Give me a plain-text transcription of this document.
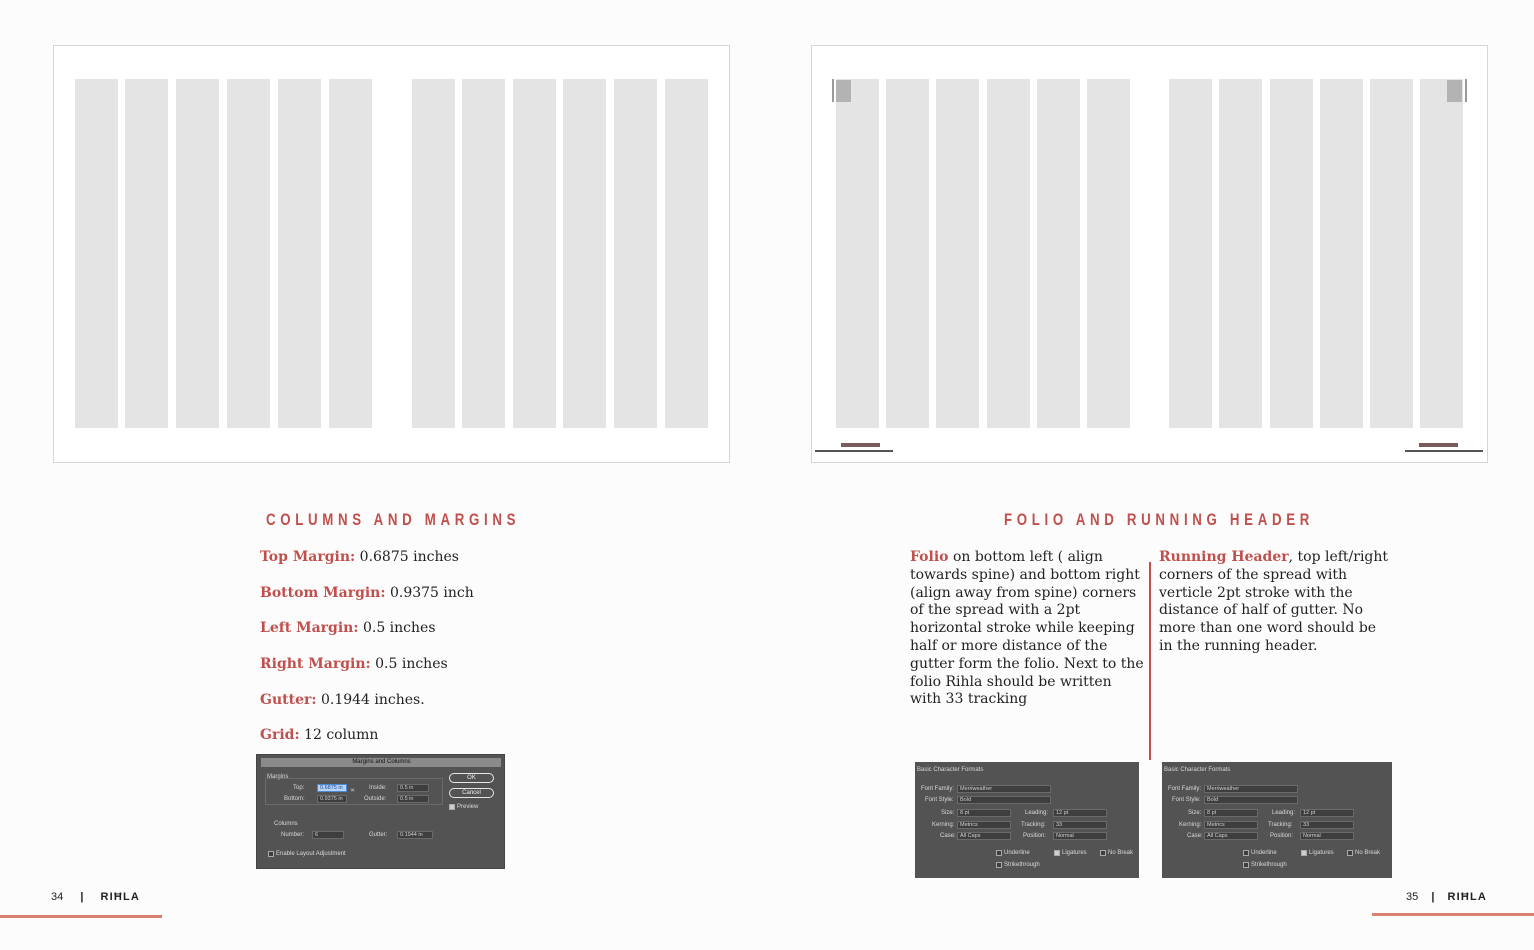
COLUMNS AND MARGINS
Top Margin: 0.6875 inches
Bottom Margin: 0.9375 inch
Left Margin: 0.5 inches
Right Margin: 0.5 inches
Gutter: 0.1944 inches.
Grid: 12 column
Margins and Columns
Margins
Top:	0.6875 in	∝
Bottom:	0.9375 in
Inside:	0.5 in
Outside:	0.5 in
OK
Cancel
Preview
Columns
Number:	6	Gutter:	0.1944 in
Enable Layout Adjustment
34 | RIĦLA
FOLIO AND RUNNING HEADER
Folio on bottom left ( align towards spine) and bottom right (align away from spine) corners of the spread with a 2pt horizontal stroke while keeping half or more distance of the gutter form the folio. Next to the folio Rihla should be written with 33 tracking
Running Header, top left/right corners of the spread with verticle 2pt stroke with the distance of half of gutter. No more than one word should be in the running header.
Basic Character Formats
Font Family:	Merriweather
Font Style:	Bold
Size:	8 pt	Leading:	12 pt
Kerning:	Metrics	Tracking:	33
Case: All Caps	Position:	Normal
Underline	Ligatures	No Break
Strikethrough
Basic Character Formats
Font Family:	Merriweather
Font Style:	Bold
Size:	8 pt	Leading:	12 pt
Kerning:	Metrics	Tracking:	33
Case: All Caps	Position:	Normal
Underline	Ligatures	No Break
Strikethrough
35 | RIĦLA
